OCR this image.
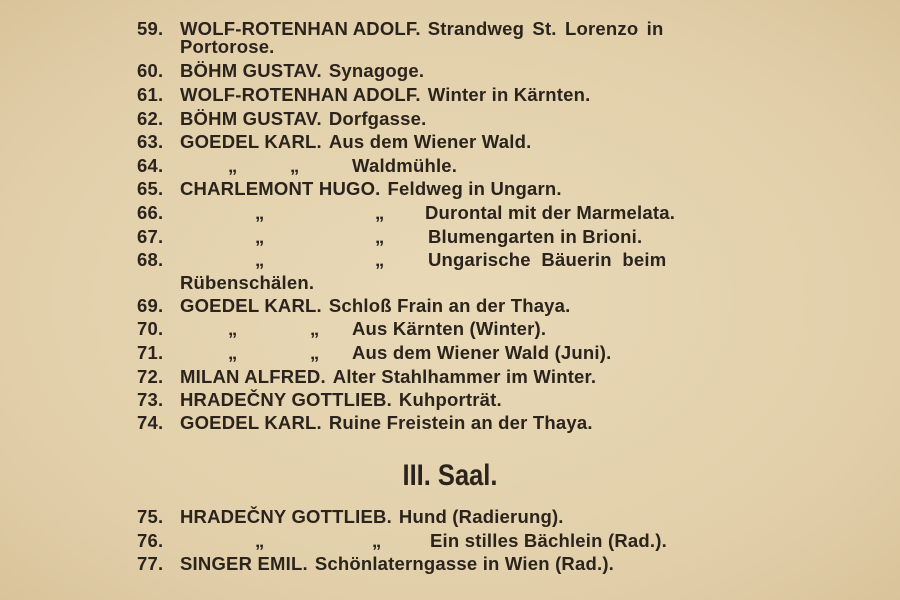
III. Saal.
59. WOLF-ROTENHAN ADOLF. Strandweg St. Lorenzo in
Portorose.
60. BÖHM GUSTAV. Synagoge.
61. WOLF-ROTENHAN ADOLF. Winter in Kärnten.
62. BÖHM GUSTAV. Dorfgasse.
63. GOEDEL KARL. Aus dem Wiener Wald.
64.	„	„	Waldmühle.
65. CHARLEMONT HUGO. Feldweg in Ungarn.
66.	„	„ Durontal mit der Marmelata.
67.	„	„ Blumengarten in Brioni.
68.	„	„ Ungarische  Bäuerin  beim
Rübenschälen.
69. GOEDEL KARL. Schloß Frain an der Thaya.
70.	„	„ Aus Kärnten (Winter).
71.	„	„ Aus dem Wiener Wald (Juni).
72. MILAN ALFRED. Alter Stahlhammer im Winter.
73. HRADEČNY GOTTLIEB. Kuhporträt.
74. GOEDEL KARL. Ruine Freistein an der Thaya.
75. HRADEČNY GOTTLIEB. Hund (Radierung).
76.	„	„	Ein stilles Bächlein (Rad.).
77. SINGER EMIL. Schönlaterngasse in Wien (Rad.).
